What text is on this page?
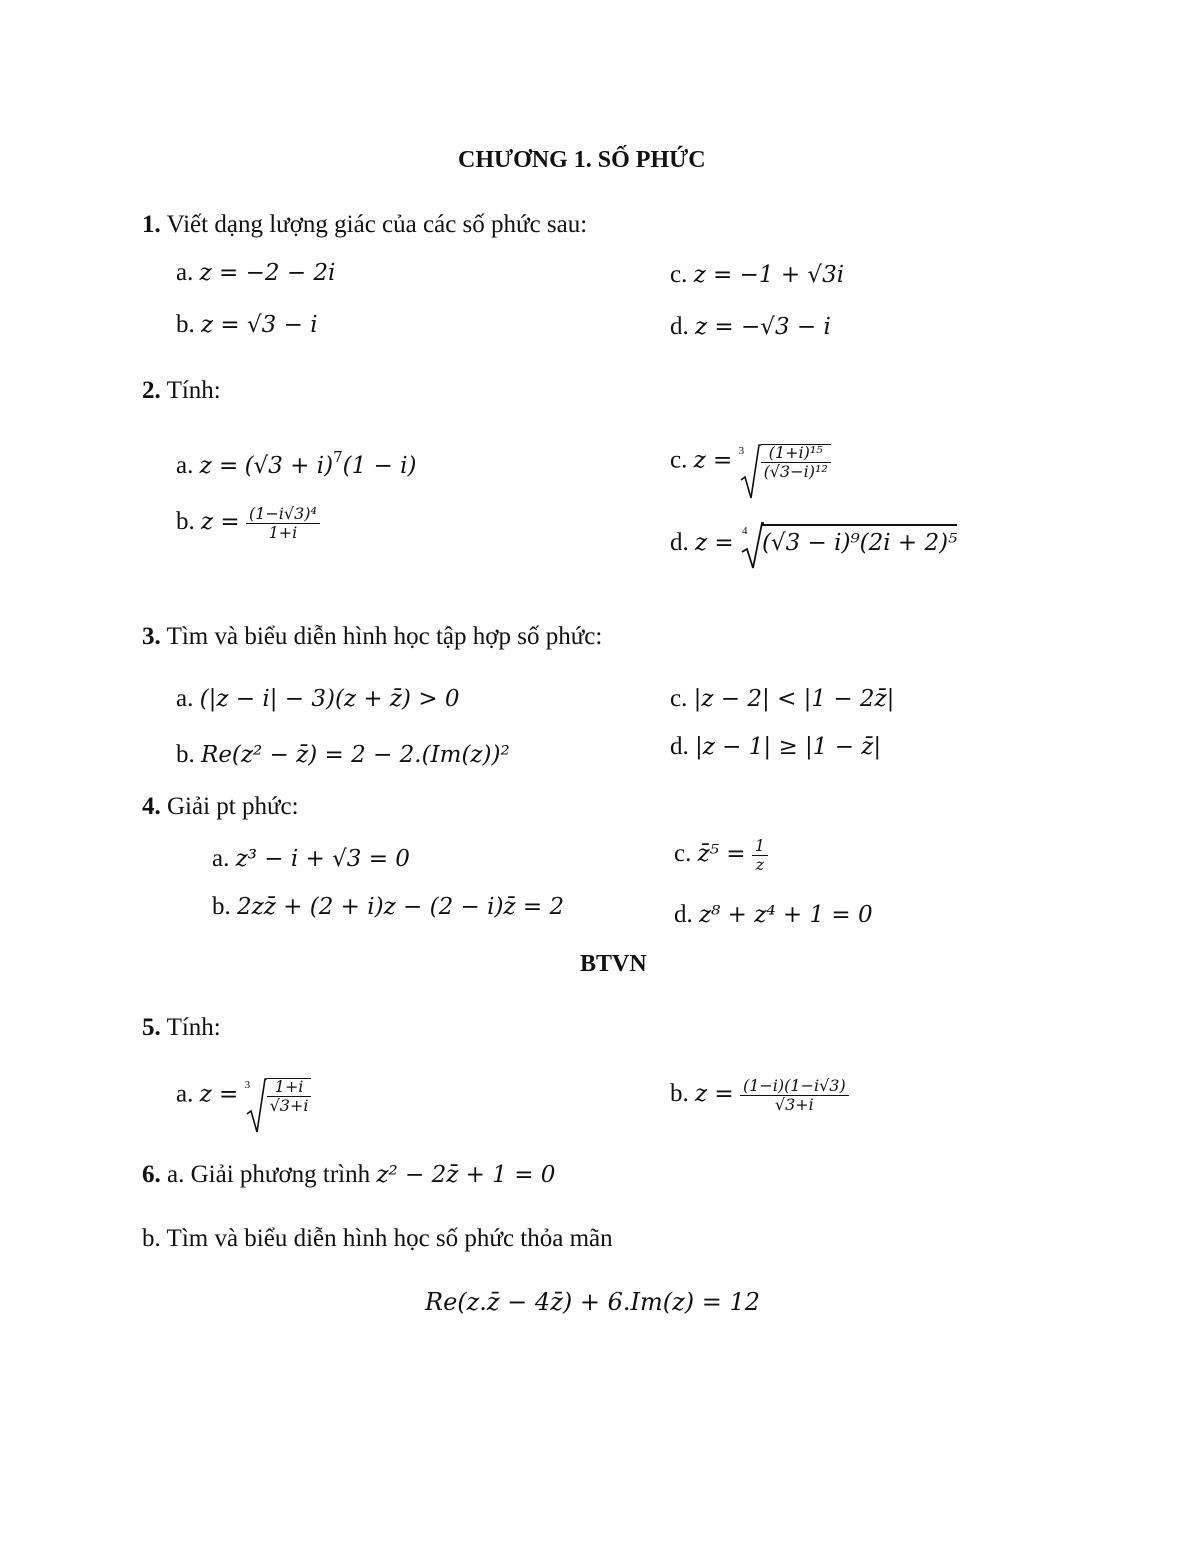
CHƯƠNG 1. SỐ PHỨC
1. Viết dạng lượng giác của các số phức sau:
a. z = −2 − 2i
b. z = √3 − i
c. z = −1 + √3i
d. z = −√3 − i
2. Tính:
a. $z = (√3 + i)^7(1 - i)$
b. $z = \frac{\text{(1−i√3)⁴}}{1+i}$
c. $z = 3 \frac{\text{(1+i)¹⁵}}{\text{(√3−i)¹²}}$
d. z = 4 (√3 − i)⁹(2i + 2)⁵
3. Tìm và biểu diễn hình học tập hợp số phức:
a. (|z − i| − 3)(z + z̄) > 0
b. Re(z² − z̄) = 2 − 2.(Im(z))²
c. |z − 2| < |1 − 2z̄|
d. |z − 1| ≥ |1 − z̄|
4. Giải pt phức:
a. z³ − i + √3 = 0
b. 2zz̄ + (2 + i)z − (2 − i)z̄ = 2
c. z̄⁵ = $\frac{1}{z}$
d. z⁸ + z⁴ + 1 = 0
BTVN
5. Tính:
a. $z = 3 \frac{1+i}{√3+i}$	b. $z = \frac{(1-i)(1-i√3)}{√3+i}$
6. a. Giải phương trình z² − 2z̄ + 1 = 0
b. Tìm và biểu diễn hình học số phức thỏa mãn
Re(z.z̄ − 4z̄) + 6.Im(z) = 12
